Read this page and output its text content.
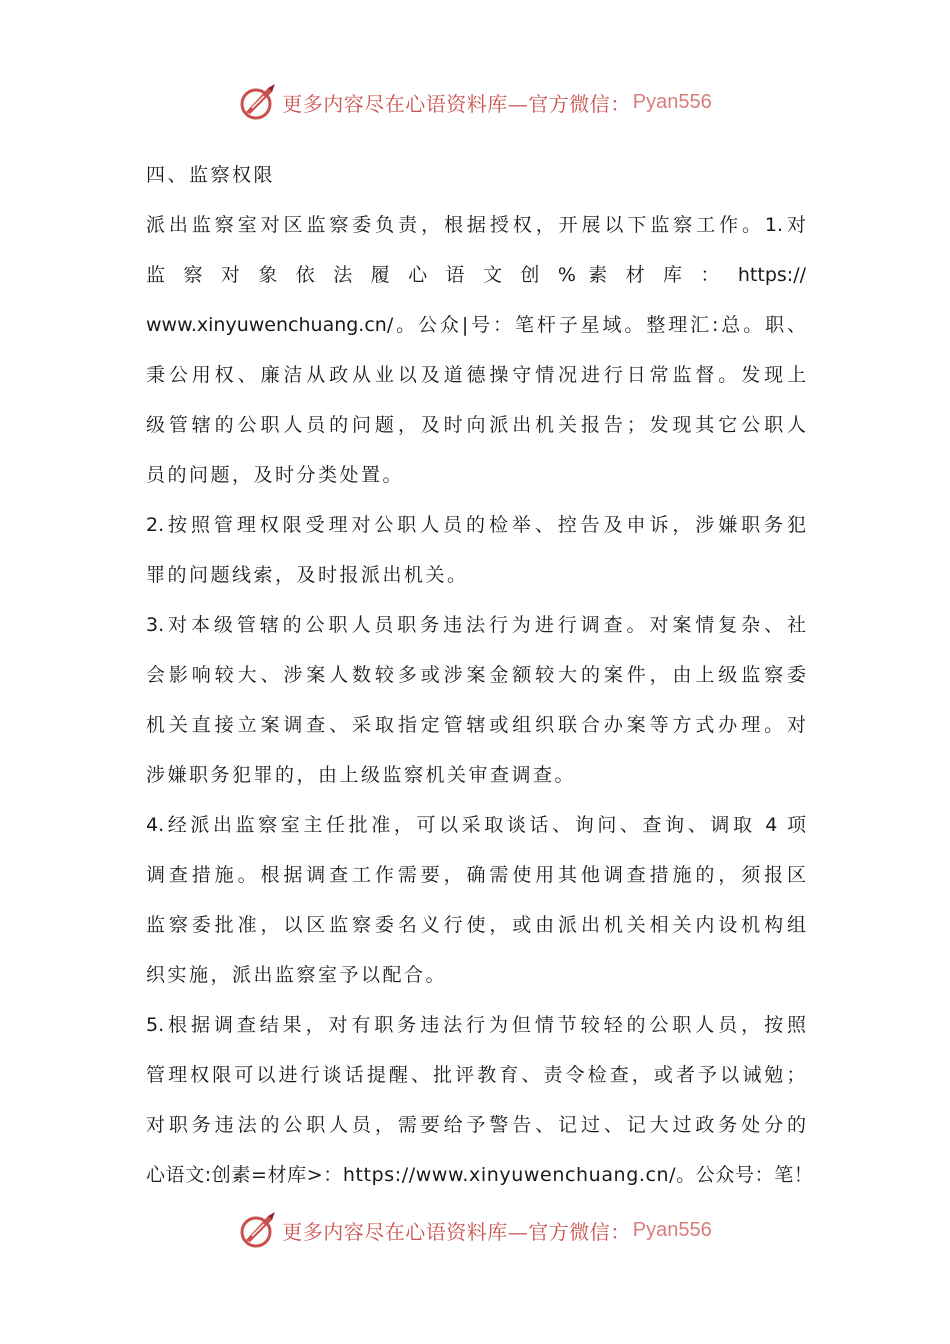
更多内容尽在心语资料库—官方微信： Pyan556
四、监察权限
派出监察室对区监察委负责，根据授权，开展以下监察工作。1.对
监 察 对 象 依 法 履 心 语 文 创 % 素 材 库 ： https://
www.xinyuwenchuang.cn/。公众|号：笔杆子星域。整理汇:总。职、
秉公用权、廉洁从政从业以及道德操守情况进行日常监督。发现上
级管辖的公职人员的问题，及时向派出机关报告；发现其它公职人
员的问题，及时分类处置。
2.按照管理权限受理对公职人员的检举、控告及申诉，涉嫌职务犯
罪的问题线索，及时报派出机关。
3.对本级管辖的公职人员职务违法行为进行调查。对案情复杂、社
会影响较大、涉案人数较多或涉案金额较大的案件，由上级监察委
机关直接立案调查、采取指定管辖或组织联合办案等方式办理。对
涉嫌职务犯罪的，由上级监察机关审查调查。
4.经派出监察室主任批准，可以采取谈话、询问、查询、调取 4 项
调查措施。根据调查工作需要，确需使用其他调查措施的，须报区
监察委批准，以区监察委名义行使，或由派出机关相关内设机构组
织实施，派出监察室予以配合。
5.根据调查结果，对有职务违法行为但情节较轻的公职人员，按照
管理权限可以进行谈话提醒、批评教育、责令检查，或者予以诫勉；
对职务违法的公职人员，需要给予警告、记过、记大过政务处分的
心语文:创素=材库>：https://www.xinyuwenchuang.cn/。公众号：笔！
更多内容尽在心语资料库—官方微信： Pyan556
